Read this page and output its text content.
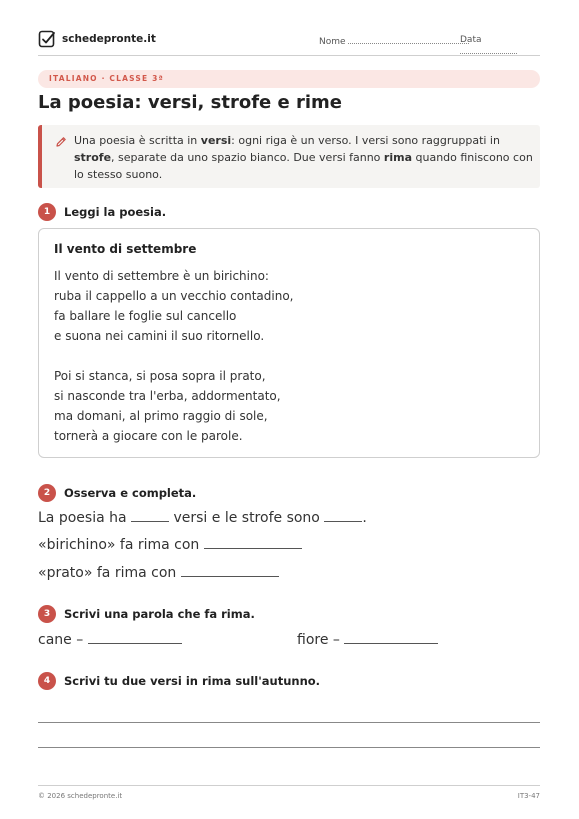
schedepronte.it	Nome	Data
ITALIANO · CLASSE 3ª
La poesia: versi, strofe e rime
Una poesia è scritta in versi: ogni riga è un verso. I versi sono raggruppati in strofe, separate da uno spazio bianco. Due versi fanno rima quando finiscono con lo stesso suono.
1	Leggi la poesia.
Il vento di settembre
Il vento di settembre è un birichino:
ruba il cappello a un vecchio contadino,
fa ballare le foglie sul cancello
e suona nei camini il suo ritornello.
Poi si stanca, si posa sopra il prato,
si nasconde tra l'erba, addormentato,
ma domani, al primo raggio di sole,
tornerà a giocare con le parole.
2	Osserva e completa.
La poesia ha	versi e le strofe sono	.
«birichino» fa rima con
«prato» fa rima con
3	Scrivi una parola che fa rima.
cane –	fiore –
4	Scrivi tu due versi in rima sull'autunno.
© 2026 schedepronte.it	IT3-47
